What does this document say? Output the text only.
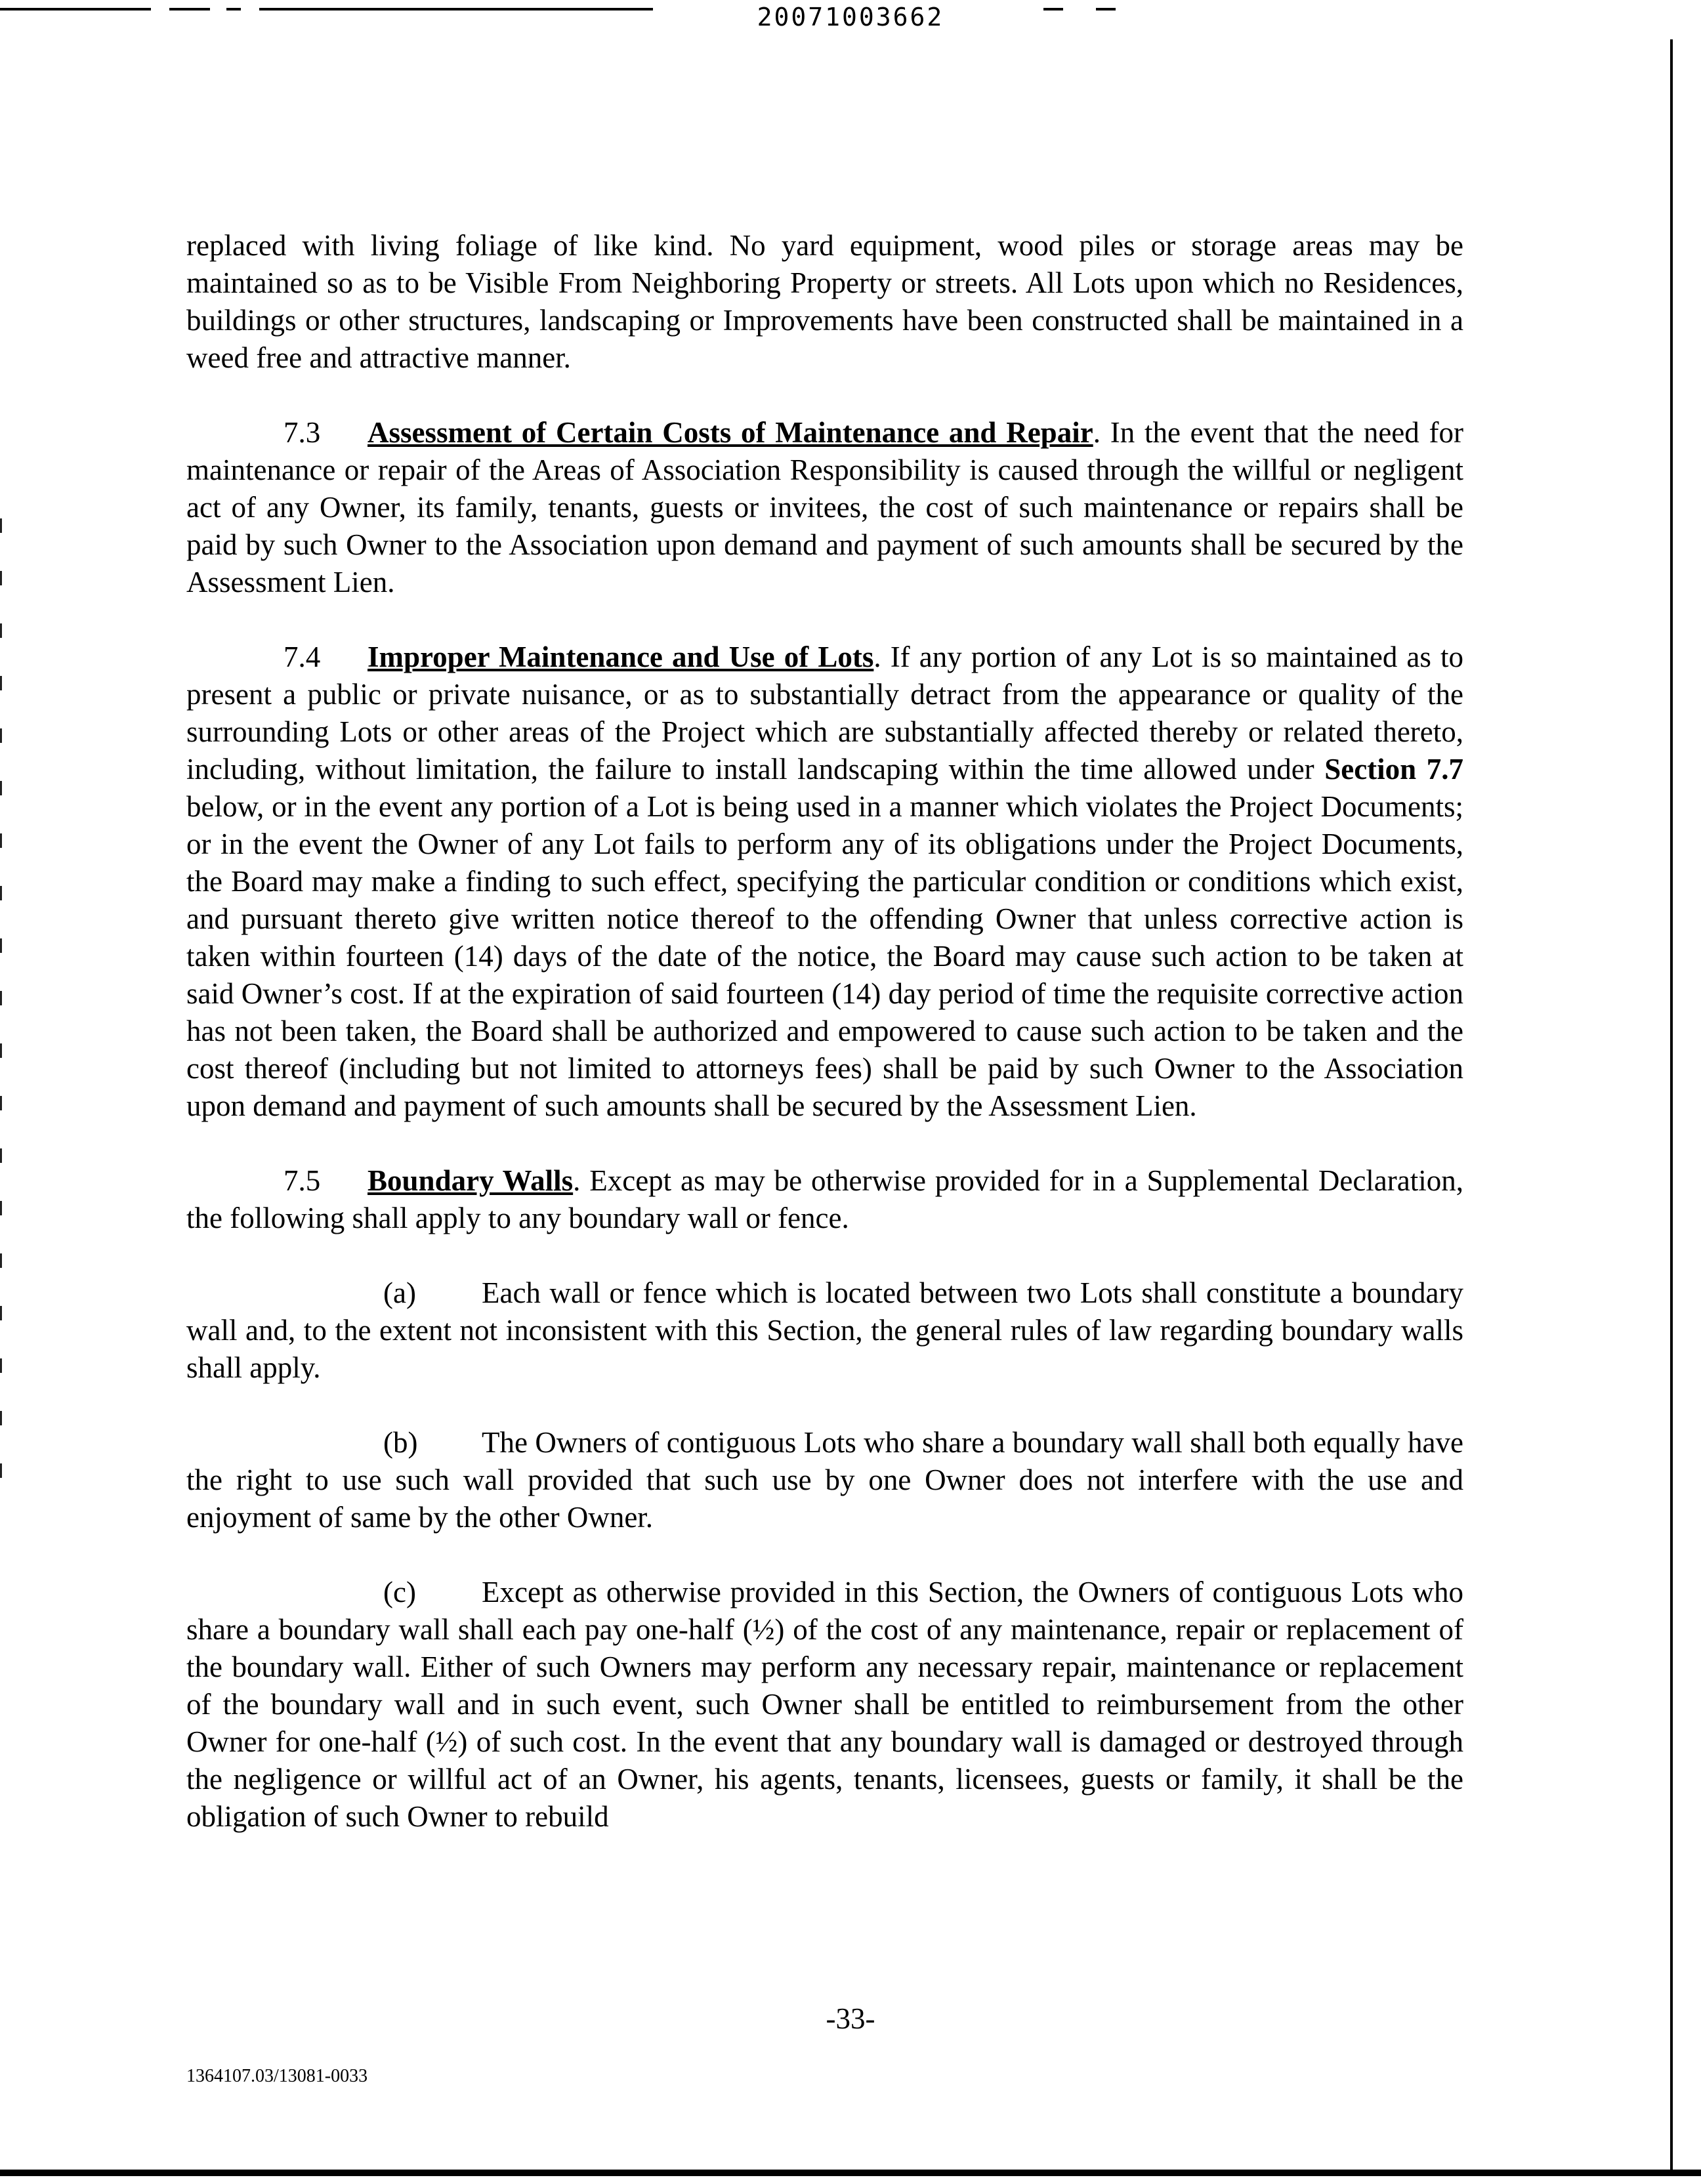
20071003662

replaced with living foliage of like kind. No yard equipment, wood piles or storage areas may be maintained so as to be Visible From Neighboring Property or streets. All Lots upon which no Residences, buildings or other structures, landscaping or Improvements have been constructed shall be maintained in a weed free and attractive manner.

7.3 Assessment of Certain Costs of Maintenance and Repair. In the event that the need for maintenance or repair of the Areas of Association Responsibility is caused through the willful or negligent act of any Owner, its family, tenants, guests or invitees, the cost of such maintenance or repairs shall be paid by such Owner to the Association upon demand and payment of such amounts shall be secured by the Assessment Lien.

7.4 Improper Maintenance and Use of Lots. If any portion of any Lot is so maintained as to present a public or private nuisance, or as to substantially detract from the appearance or quality of the surrounding Lots or other areas of the Project which are substantially affected thereby or related thereto, including, without limitation, the failure to install landscaping within the time allowed under Section 7.7 below, or in the event any portion of a Lot is being used in a manner which violates the Project Documents; or in the event the Owner of any Lot fails to perform any of its obligations under the Project Documents, the Board may make a finding to such effect, specifying the particular condition or conditions which exist, and pursuant thereto give written notice thereof to the offending Owner that unless corrective action is taken within fourteen (14) days of the date of the notice, the Board may cause such action to be taken at said Owner’s cost. If at the expiration of said fourteen (14) day period of time the requisite corrective action has not been taken, the Board shall be authorized and empowered to cause such action to be taken and the cost thereof (including but not limited to attorneys fees) shall be paid by such Owner to the Association upon demand and payment of such amounts shall be secured by the Assessment Lien.

7.5 Boundary Walls. Except as may be otherwise provided for in a Supplemental Declaration, the following shall apply to any boundary wall or fence.

(a) Each wall or fence which is located between two Lots shall constitute a boundary wall and, to the extent not inconsistent with this Section, the general rules of law regarding boundary walls shall apply.

(b) The Owners of contiguous Lots who share a boundary wall shall both equally have the right to use such wall provided that such use by one Owner does not interfere with the use and enjoyment of same by the other Owner.

(c) Except as otherwise provided in this Section, the Owners of contiguous Lots who share a boundary wall shall each pay one-half (½) of the cost of any maintenance, repair or replacement of the boundary wall. Either of such Owners may perform any necessary repair, maintenance or replacement of the boundary wall and in such event, such Owner shall be entitled to reimbursement from the other Owner for one-half (½) of such cost. In the event that any boundary wall is damaged or destroyed through the negligence or willful act of an Owner, his agents, tenants, licensees, guests or family, it shall be the obligation of such Owner to rebuild

-33-
1364107.03/13081-0033
